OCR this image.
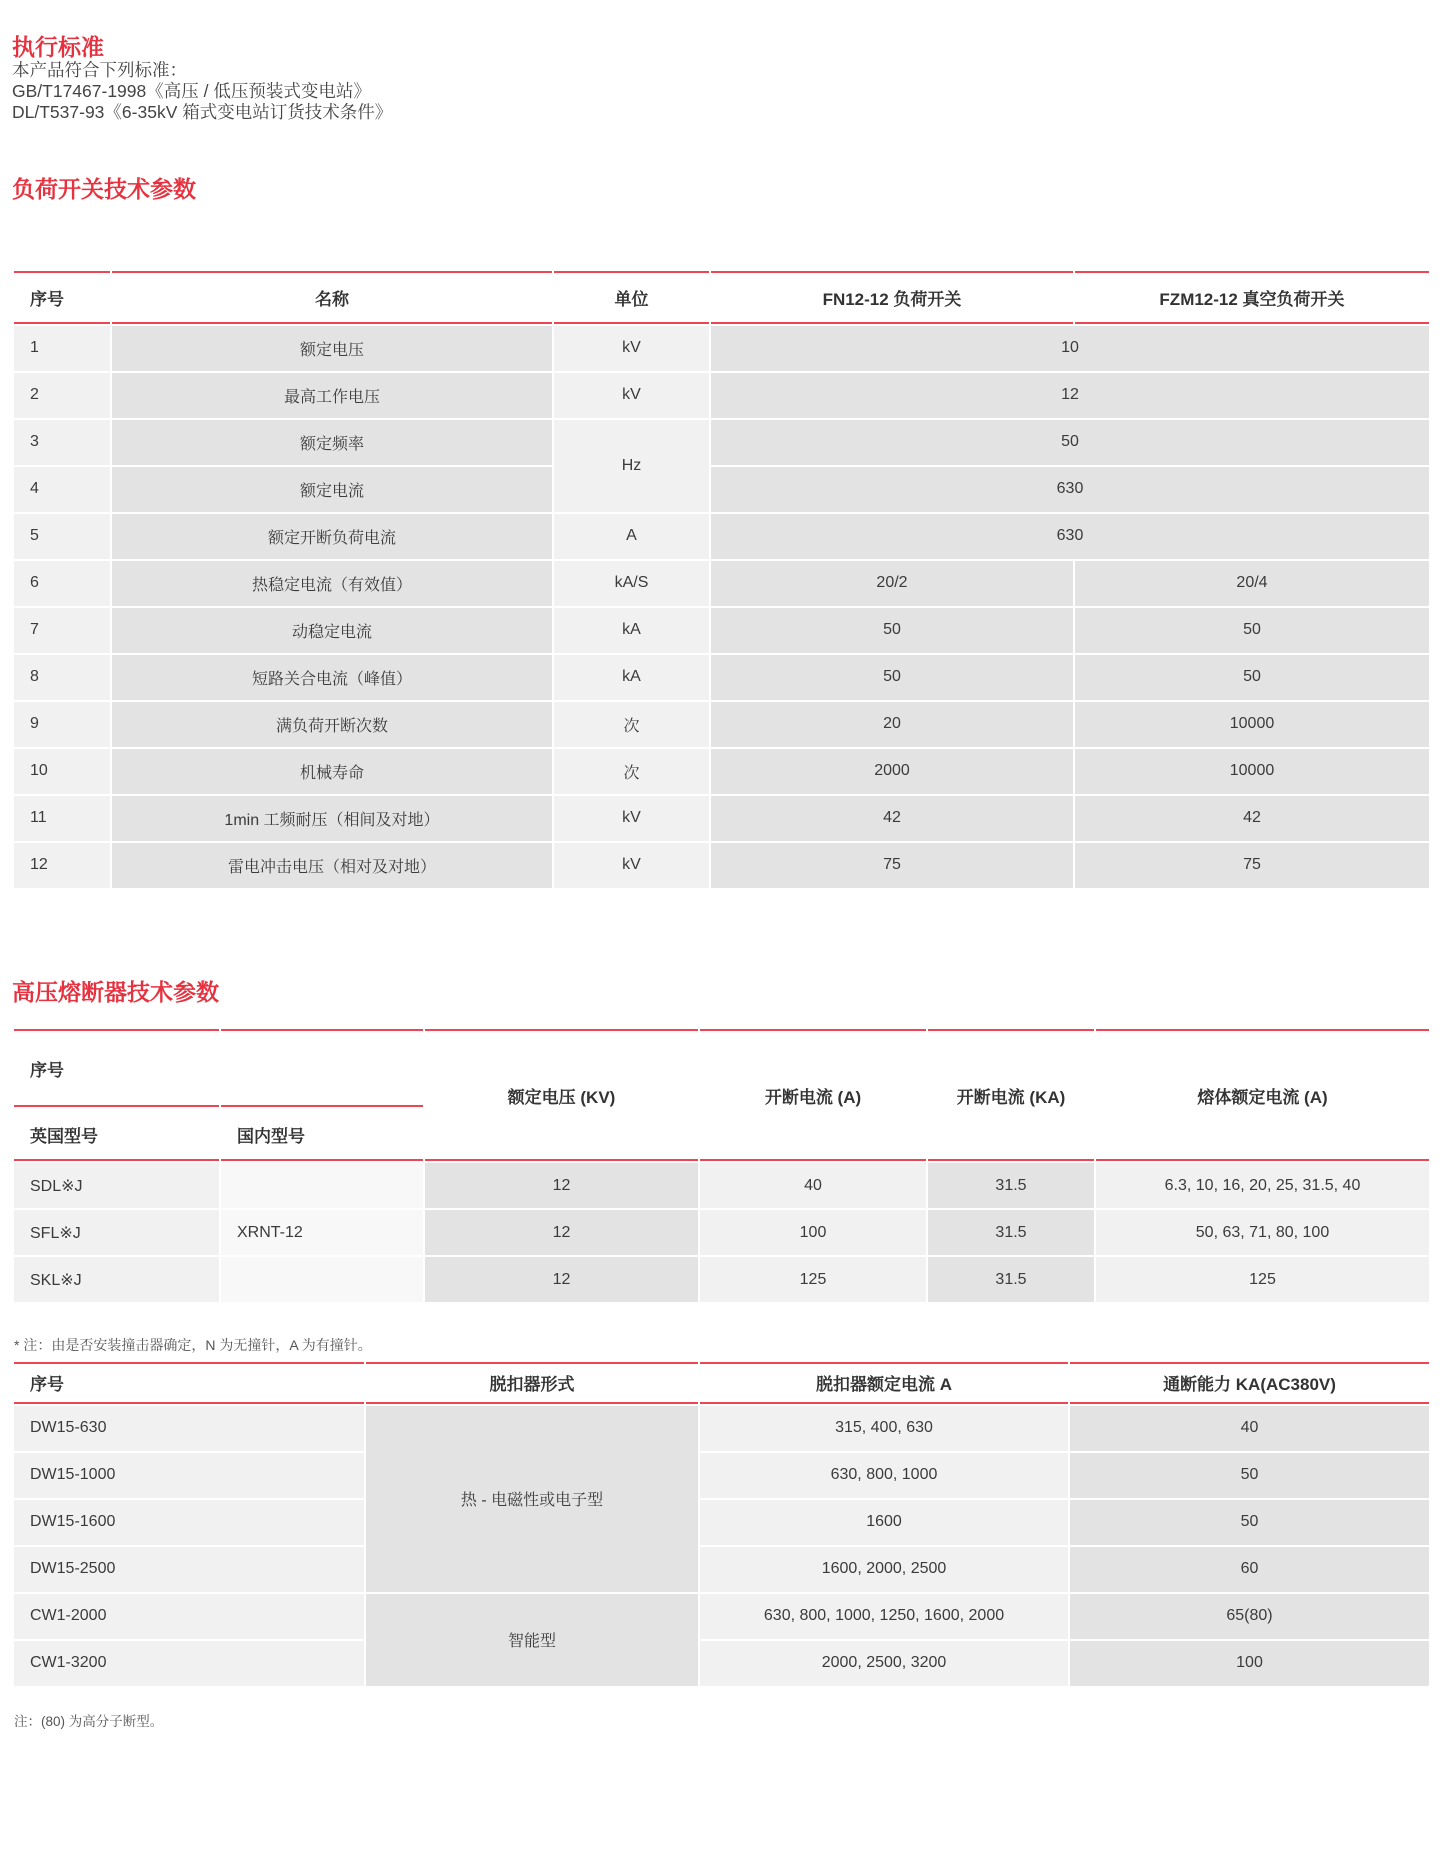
执行标准

本产品符合下列标准：

GB/T17467-1998《高压 / 低压预装式变电站》

DL/T537-93《6-35kV 箱式变电站订货技术条件》

负荷开关技术参数
序号	名称	单位	FN12-12 负荷开关	FZM12-12 真空负荷开关
1	额定电压	kV	10	
2	最高工作电压	kV	12	
3	额定频率	Hz	50	
4	额定电流		630	
5	额定开断负荷电流	A	630	
6	热稳定电流（有效值）	kA/S	20/2	20/4
7	动稳定电流	kA	50	50
8	短路关合电流（峰值）	kA	50	50
9	满负荷开断次数	次	20	10000
10	机械寿命	次	2000	10000
11	1min 工频耐压（相间及对地）	kV	42	42
12	雷电冲击电压（相对及对地）	kV	75	75
高压熔断器技术参数
序号		额定电压 (KV)	开断电流 (A)	开断电流 (KA)	熔体额定电流 (A)
英国型号	国内型号				
SDL※J		12	40	31.5	6.3, 10, 16, 20, 25, 31.5, 40
SFL※J	XRNT-12	12	100	31.5	50, 63, 71, 80, 100
SKL※J		12	125	31.5	125

* 注：由是否安装撞击器确定，N 为无撞针，A 为有撞针。

序号	脱扣器形式	脱扣器额定电流 A	通断能力 KA(AC380V)
DW15-630	热 - 电磁性或电子型	315, 400, 630	40
DW15-1000		630, 800, 1000	50
DW15-1600		1600	50
DW15-2500		1600, 2000, 2500	60
CW1-2000	智能型	630, 800, 1000, 1250, 1600, 2000	65(80)
CW1-3200		2000, 2500, 3200	100

注：(80) 为高分子断型。
